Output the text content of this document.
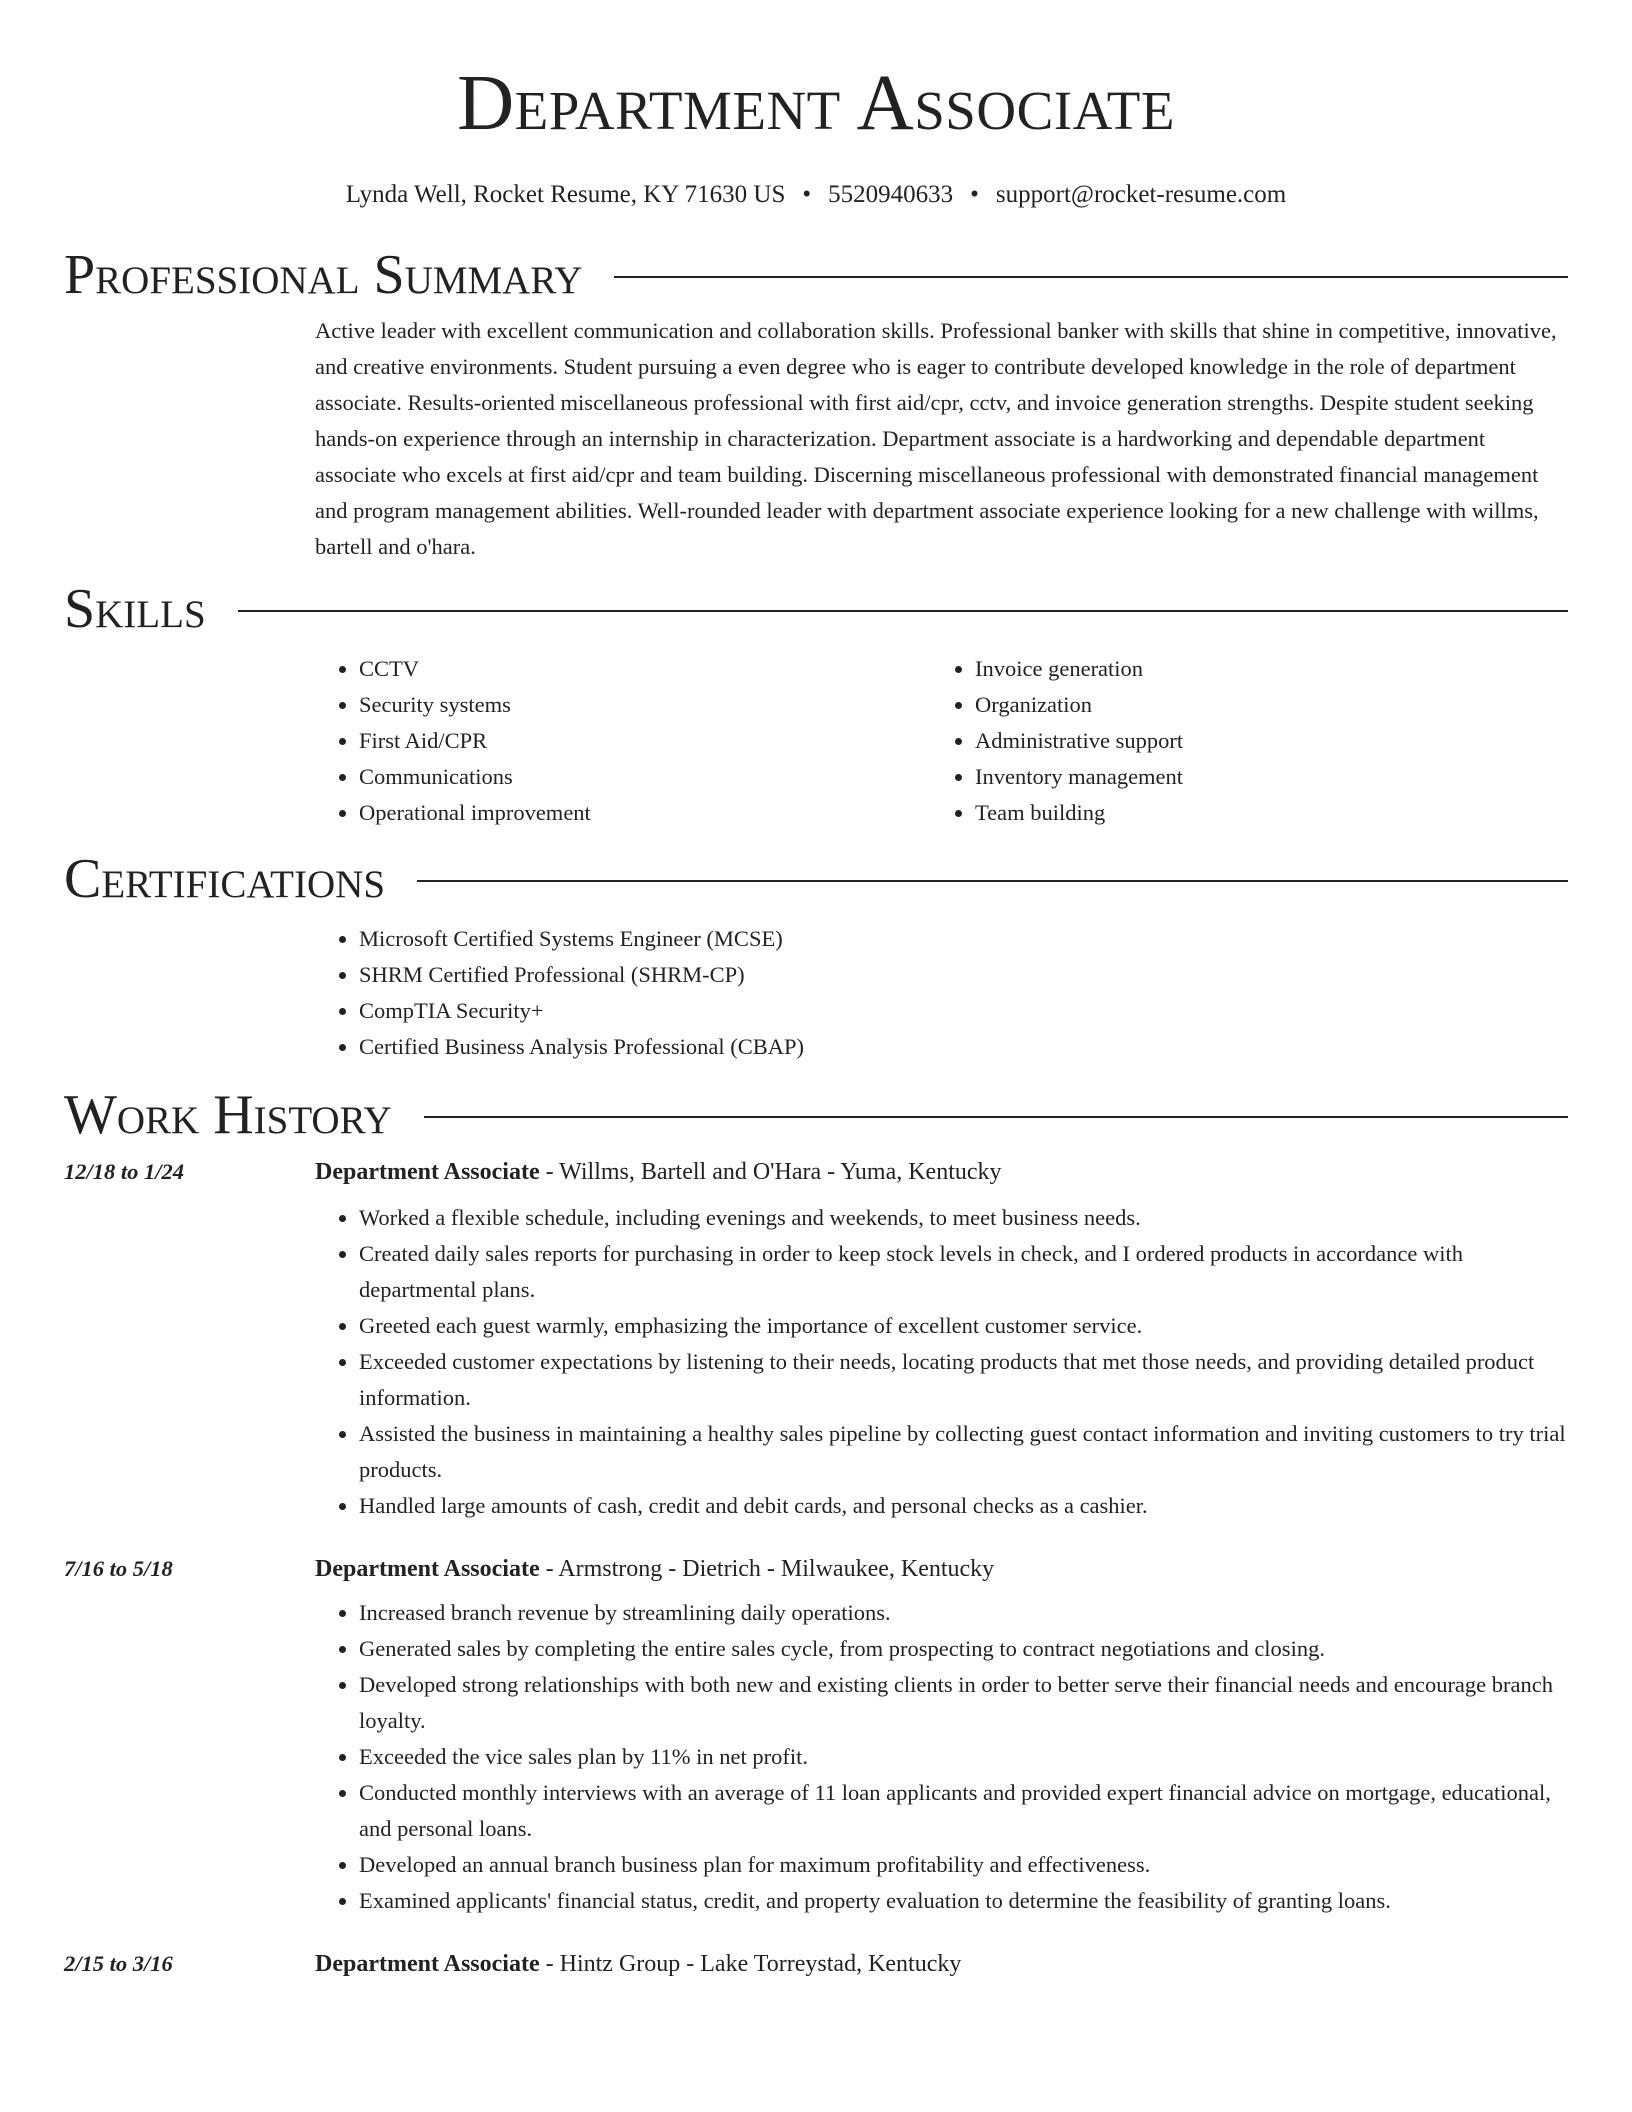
Department Associate
Lynda Well, Rocket Resume, KY 71630 US • 5520940633 • support@rocket-resume.com
Professional Summary
Active leader with excellent communication and collaboration skills. Professional banker with skills that shine in competitive, innovative, and creative environments. Student pursuing a even degree who is eager to contribute developed knowledge in the role of department associate. Results-oriented miscellaneous professional with first aid/cpr, cctv, and invoice generation strengths. Despite student seeking hands-on experience through an internship in characterization. Department associate is a hardworking and dependable department associate who excels at first aid/cpr and team building. Discerning miscellaneous professional with demonstrated financial management and program management abilities. Well-rounded leader with department associate experience looking for a new challenge with willms, bartell and o'hara.
Skills
• CCTV
• Security systems
• First Aid/CPR
• Communications
• Operational improvement
• Invoice generation
• Organization
• Administrative support
• Inventory management
• Team building
Certifications
• Microsoft Certified Systems Engineer (MCSE)
• SHRM Certified Professional (SHRM-CP)
• CompTIA Security+
• Certified Business Analysis Professional (CBAP)
Work History
12/18 to 1/24	Department Associate - Willms, Bartell and O'Hara - Yuma, Kentucky
• Worked a flexible schedule, including evenings and weekends, to meet business needs.
• Created daily sales reports for purchasing in order to keep stock levels in check, and I ordered products in accordance with departmental plans.
• Greeted each guest warmly, emphasizing the importance of excellent customer service.
• Exceeded customer expectations by listening to their needs, locating products that met those needs, and providing detailed product information.
• Assisted the business in maintaining a healthy sales pipeline by collecting guest contact information and inviting customers to try trial products.
• Handled large amounts of cash, credit and debit cards, and personal checks as a cashier.
7/16 to 5/18	Department Associate - Armstrong - Dietrich - Milwaukee, Kentucky
• Increased branch revenue by streamlining daily operations.
• Generated sales by completing the entire sales cycle, from prospecting to contract negotiations and closing.
• Developed strong relationships with both new and existing clients in order to better serve their financial needs and encourage branch loyalty.
• Exceeded the vice sales plan by 11% in net profit.
• Conducted monthly interviews with an average of 11 loan applicants and provided expert financial advice on mortgage, educational, and personal loans.
• Developed an annual branch business plan for maximum profitability and effectiveness.
• Examined applicants' financial status, credit, and property evaluation to determine the feasibility of granting loans.
2/15 to 3/16	Department Associate - Hintz Group - Lake Torreystad, Kentucky
